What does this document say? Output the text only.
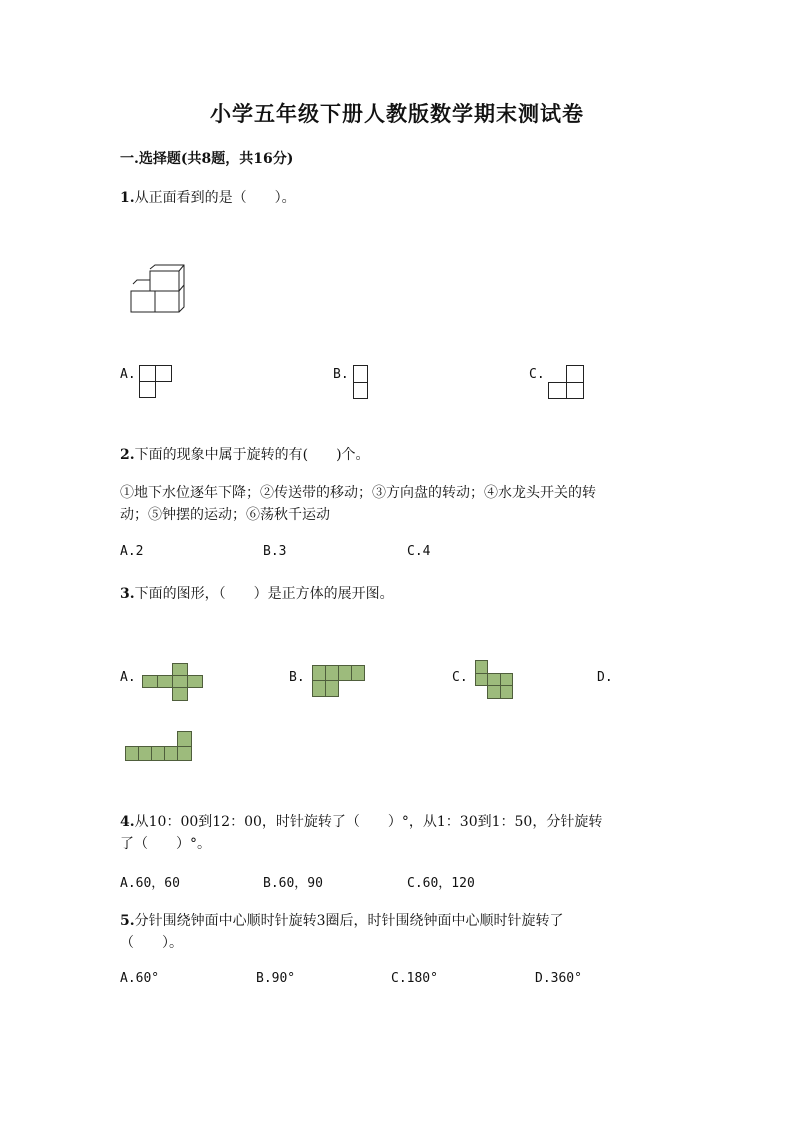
小学五年级下册人教版数学期末测试卷
一.选择题(共8题，共16分)
1.从正面看到的是（　　）。
A.	B.	C.
2.下面的现象中属于旋转的有(　　)个。
①地下水位逐年下降；②传送带的移动；③方向盘的转动；④水龙头开关的转
动；⑤钟摆的运动；⑥荡秋千运动
A.2	B.3	C.4
3.下面的图形，（　　）是正方体的展开图。
A.	B.	C.	D.
4.从10：00到12：00，时针旋转了（　　）°，从1：30到1：50，分针旋转
了（　　）°。
A.60，60	B.60，90	C.60，120
5.分针围绕钟面中心顺时针旋转3圈后，时针围绕钟面中心顺时针旋转了
（　　）。
A.60°	B.90°	C.180°	D.360°
